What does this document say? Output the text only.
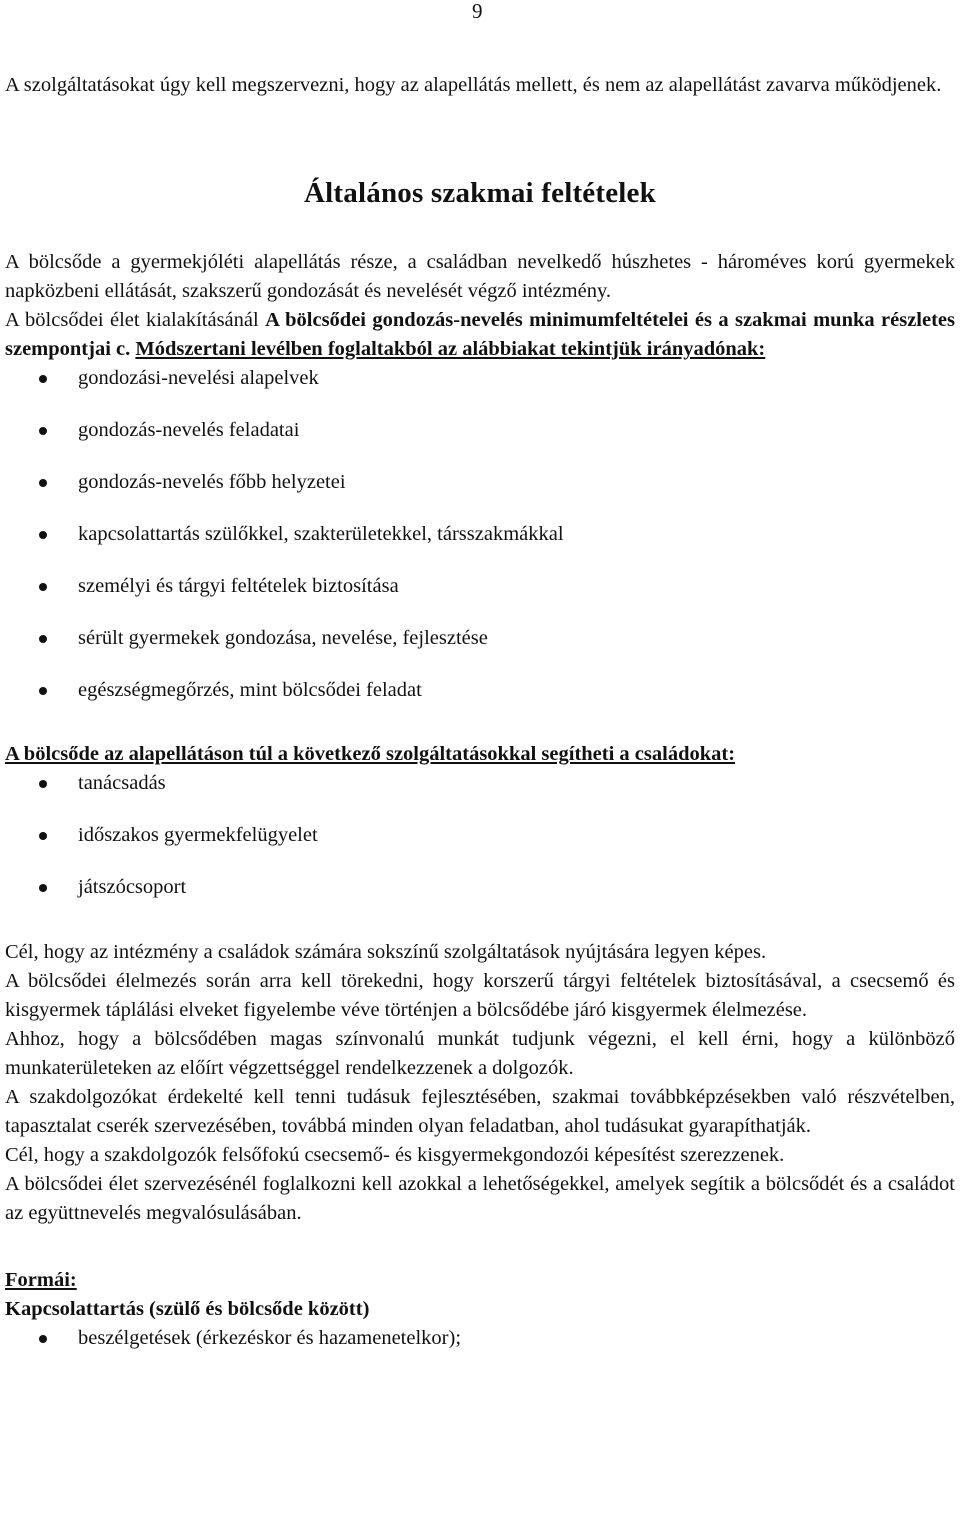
9

A szolgáltatásokat úgy kell megszervezni, hogy az alapellátás mellett, és nem az alapellátást zavarva működjenek.

Általános szakmai feltételek

A bölcsőde a gyermekjóléti alapellátás része, a családban nevelkedő húszhetes - hároméves korú gyermekek napközbeni ellátását, szakszerű gondozását és nevelését végző intézmény.

A bölcsődei élet kialakításánál A bölcsődei gondozás-nevelés minimumfeltételei és a szakmai munka részletes szempontjai c. Módszertani levélben foglaltakból az alábbiakat tekintjük irányadónak:

gondozási-nevelési alapelvek
gondozás-nevelés feladatai
gondozás-nevelés főbb helyzetei
kapcsolattartás szülőkkel, szakterületekkel, társszakmákkal
személyi és tárgyi feltételek biztosítása
sérült gyermekek gondozása, nevelése, fejlesztése
egészségmegőrzés, mint bölcsődei feladat

A bölcsőde az alapellátáson túl a következő szolgáltatásokkal segítheti a családokat:

tanácsadás
időszakos gyermekfelügyelet
játszócsoport

Cél, hogy az intézmény a családok számára sokszínű szolgáltatások nyújtására legyen képes.

A bölcsődei élelmezés során arra kell törekedni, hogy korszerű tárgyi feltételek biztosításával, a csecsemő és kisgyermek táplálási elveket figyelembe véve történjen a bölcsődébe járó kisgyermek élelmezése.

Ahhoz, hogy a bölcsődében magas színvonalú munkát tudjunk végezni, el kell érni, hogy a különböző munkaterületeken az előírt végzettséggel rendelkezzenek a dolgozók.

A szakdolgozókat érdekelté kell tenni tudásuk fejlesztésében, szakmai továbbképzésekben való részvételben, tapasztalat cserék szervezésében, továbbá minden olyan feladatban, ahol tudásukat gyarapíthatják.

Cél, hogy a szakdolgozók felsőfokú csecsemő- és kisgyermekgondozói képesítést szerezzenek.

A bölcsődei élet szervezésénél foglalkozni kell azokkal a lehetőségekkel, amelyek segítik a bölcsődét és a családot az együttnevelés megvalósulásában.

Formái:

Kapcsolattartás (szülő és bölcsőde között)

beszélgetések (érkezéskor és hazamenetelkor);
